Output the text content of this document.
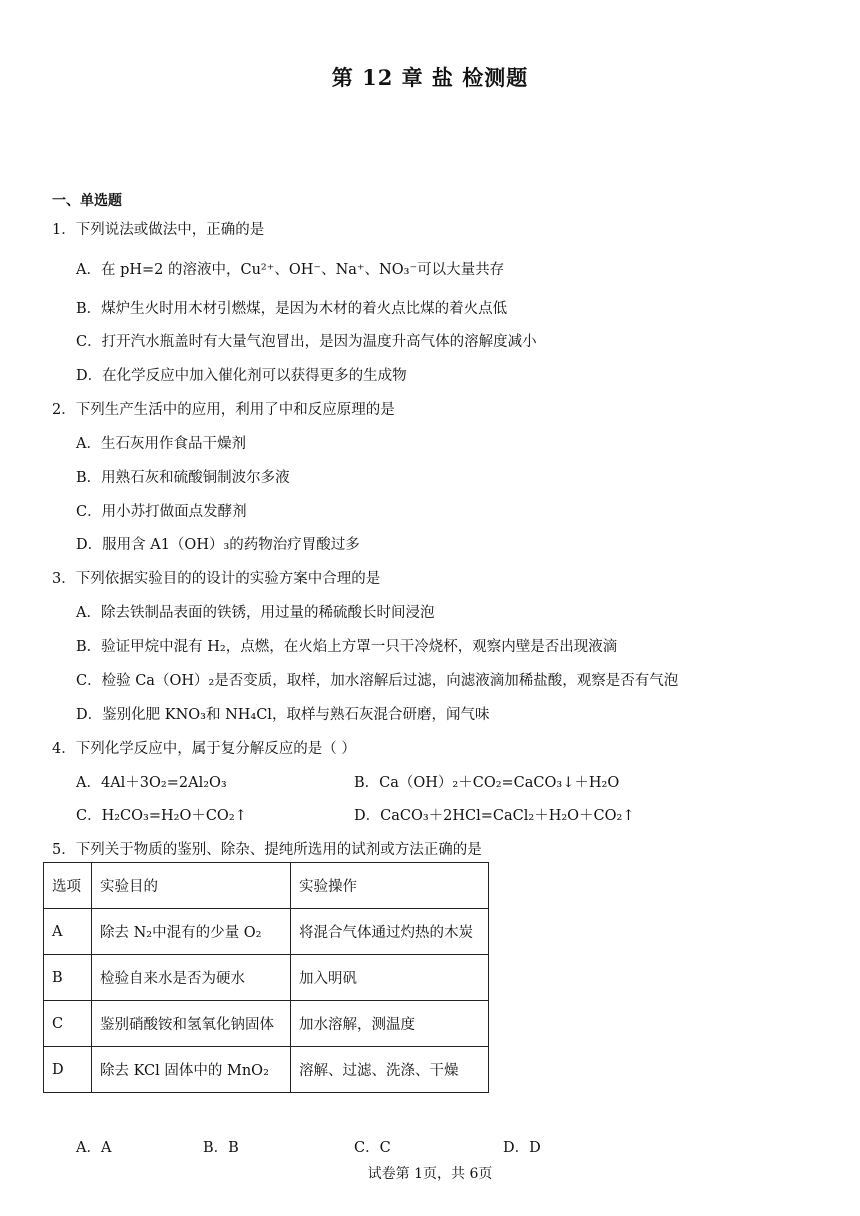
第 12 章 盐 检测题
一、单选题
1．下列说法或做法中，正确的是
A．在 pH=2 的溶液中，Cu²⁺、OH⁻、Na⁺、NO₃⁻可以大量共存
B．煤炉生火时用木材引燃煤，是因为木材的着火点比煤的着火点低
C．打开汽水瓶盖时有大量气泡冒出，是因为温度升高气体的溶解度减小
D．在化学反应中加入催化剂可以获得更多的生成物
2．下列生产生活中的应用，利用了中和反应原理的是
A．生石灰用作食品干燥剂
B．用熟石灰和硫酸铜制波尔多液
C．用小苏打做面点发酵剂
D．服用含 A1（OH）₃的药物治疗胃酸过多
3．下列依据实验目的的设计的实验方案中合理的是
A．除去铁制品表面的铁锈，用过量的稀硫酸长时间浸泡
B．验证甲烷中混有 H₂，点燃，在火焰上方罩一只干冷烧杯，观察内壁是否出现液滴
C．检验 Ca（OH）₂是否变质，取样，加水溶解后过滤，向滤液滴加稀盐酸，观察是否有气泡
D．鉴别化肥 KNO₃和 NH₄Cl，取样与熟石灰混合研磨，闻气味
4．下列化学反应中，属于复分解反应的是（ ）
A．4Al＋3O₂=2Al₂O₃	B．Ca（OH）₂＋CO₂=CaCO₃↓＋H₂O
C．H₂CO₃=H₂O＋CO₂↑	D．CaCO₃＋2HCl=CaCl₂＋H₂O＋CO₂↑
5．下列关于物质的鉴别、除杂、提纯所选用的试剂或方法正确的是
选项	实验目的	实验操作
A	除去 N₂中混有的少量 O₂	将混合气体通过灼热的木炭
B	检验自来水是否为硬水	加入明矾
C	鉴别硝酸铵和氢氧化钠固体	加水溶解，测温度
D	除去 KCl 固体中的 MnO₂	溶解、过滤、洗涤、干燥
A．A	B．B	C．C	D．D
试卷第 1页，共 6页
